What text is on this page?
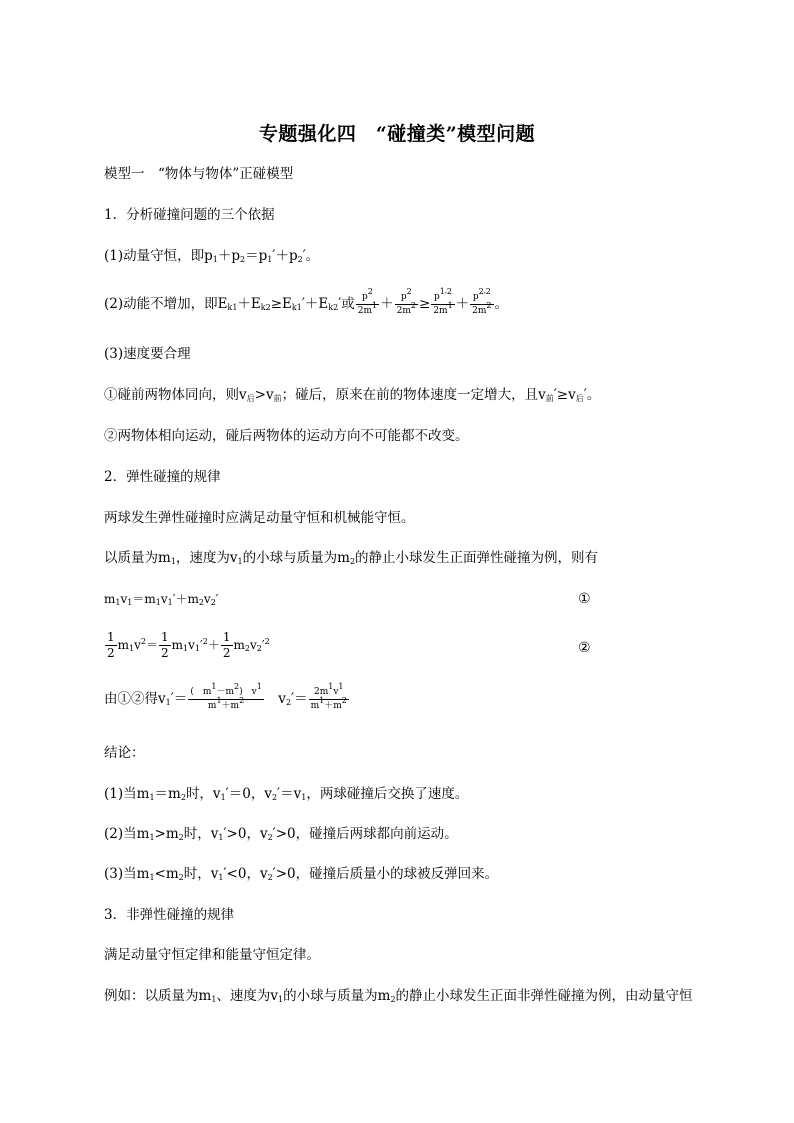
专题强化四　“碰撞类”模型问题
模型一　“物体与物体”正碰模型
1．分析碰撞问题的三个依据
(1)动量守恒，即$p_1+p_2=p_1'+p_2'$。
(2)动能不增加，即$E_{k1}+E_{k2}\ge E_{k1}'+E_{k2}'$或 $\frac{p^2}{2m^1} + \frac{p^2}{2m^2} \ge \frac{p^1'^2}{2m^1} + \frac{p^2'^2}{2m^2}$ 。
(3)速度要合理
①碰前两物体同向，则$v_后>v_前$；碰后，原来在前的物体速度一定增大，且$v_前'\ge v_后'$。
②两物体相向运动，碰后两物体的运动方向不可能都不改变。
2．弹性碰撞的规律
两球发生弹性碰撞时应满足动量守恒和机械能守恒。
以质量为$m_1$，速度为$v_1$的小球与质量为$m_2$的静止小球发生正面弹性碰撞为例，则有
$m_1v_1=m_1v_1'+m_2v_2'$	①
$\frac{1}{2} m_1v^2= \frac{1}{2} m_1v_1'^2+ \frac{1}{2} m_2v_2'^2$	②
由①②得$v_1'= \frac{( m^1-m^2) v^1}{m^1+m^2}$ 　$v_2'= \frac{2m^1v^1}{m^1+m^2}$
结论：
(1)当$m_1=m_2$时，$v_1'=0$，$v_2'=v_1$，两球碰撞后交换了速度。
(2)当$m_1>m_2$时，$v_1'>0$，$v_2'>0$，碰撞后两球都向前运动。
(3)当$m_1<m_2$时，$v_1'<0$，$v_2'>0$，碰撞后质量小的球被反弹回来。
3．非弹性碰撞的规律
满足动量守恒定律和能量守恒定律。
例如：以质量为$m_1$、速度为$v_1$的小球与质量为$m_2$的静止小球发生正面非弹性碰撞为例，由动量守恒
